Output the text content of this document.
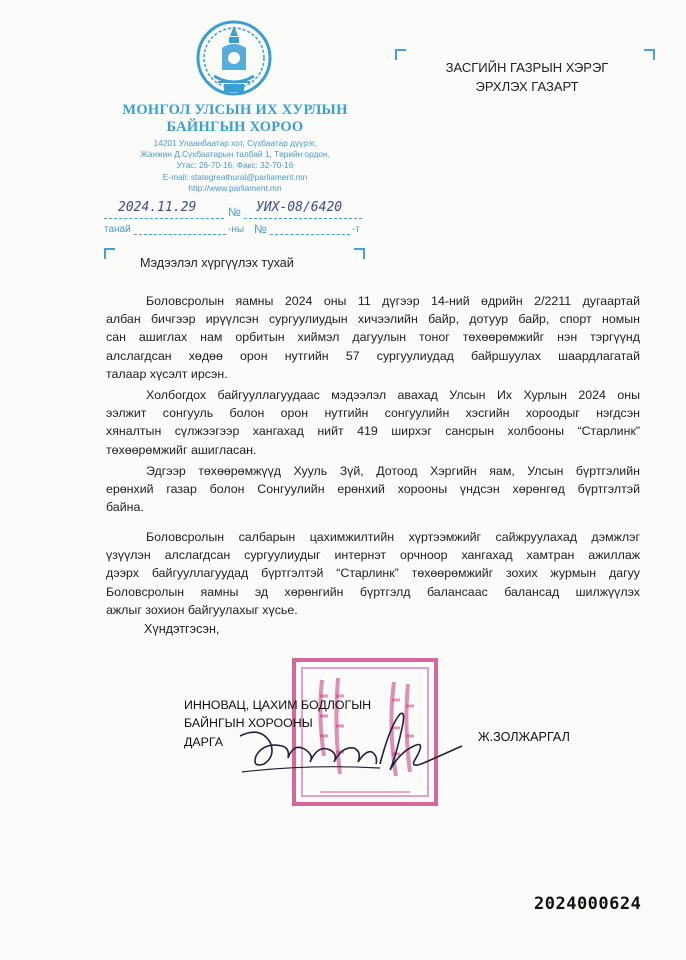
МОНГОЛ УЛСЫН ИХ ХУРЛЫН
БАЙНГЫН ХОРОО
14201 Улаанбаатар хот, Сүхбаатар дүүрэг,
Жанжин Д.Сүхбаатарын талбай 1, Төрийн ордон,
Утас: 26-70-16, Факс: 32-70-16
E-mail: stategreathural@parliament.mn
http://www.parliament.mn
2024.11.29	№ УИХ-08/6420
танай	-ны №	-т
ЗАСГИЙН ГАЗРЫН ХЭРЭГ
ЭРХЛЭХ ГАЗАРТ
Мэдээлэл хүргүүлэх тухай
Боловсролын яамны 2024 оны 11 дүгээр 14-ний өдрийн 2/2211 дугаартай
албан бичгээр ирүүлсэн сургуулиудын хичээлийн байр, дотуур байр, спорт номын
сан ашиглах нам орбитын хиймэл дагуулын тоног төхөөрөмжийг нэн тэргүүнд
алслагдсан хөдөө орон нутгийн 57 сургуулиудад байршуулах шаардлагатай
талаар хүсэлт ирсэн.
Холбогдох байгууллагуудаас мэдээлэл авахад Улсын Их Хурлын 2024 оны
ээлжит сонгууль болон орон нутгийн сонгуулийн хэсгийн хороодыг нэгдсэн
хяналтын сүлжээгээр хангахад нийт 419 ширхэг сансрын холбооны “Старлинк”
төхөөрөмжийг ашигласан.
Эдгээр төхөөрөмжүүд Хууль Зүй, Дотоод Хэргийн яам, Улсын бүртгэлийн
ерөнхий газар болон Сонгуулийн ерөнхий хорооны үндсэн хөрөнгөд бүртгэлтэй
байна.
Боловсролын салбарын цахимжилтийн хүртээмжийг сайжруулахад дэмжлэг
үзүүлэн алслагдсан сургуулиудыг интернэт орчноор хангахад хамтран ажиллаж
дээрх байгууллагуудад бүртгэлтэй “Старлинк” төхөөрөмжийг зохих журмын дагуу
Боловсролын яамны эд хөрөнгийн бүртгэлд балансаас балансад шилжүүлэх
ажлыг зохион байгуулахыг хүсье.
Хүндэтгэсэн,
ИННОВАЦ, ЦАХИМ БОДЛОГЫН
БАЙНГЫН ХОРООНЫ
ДАРГА	Ж.ЗОЛЖАРГАЛ
2024000624
